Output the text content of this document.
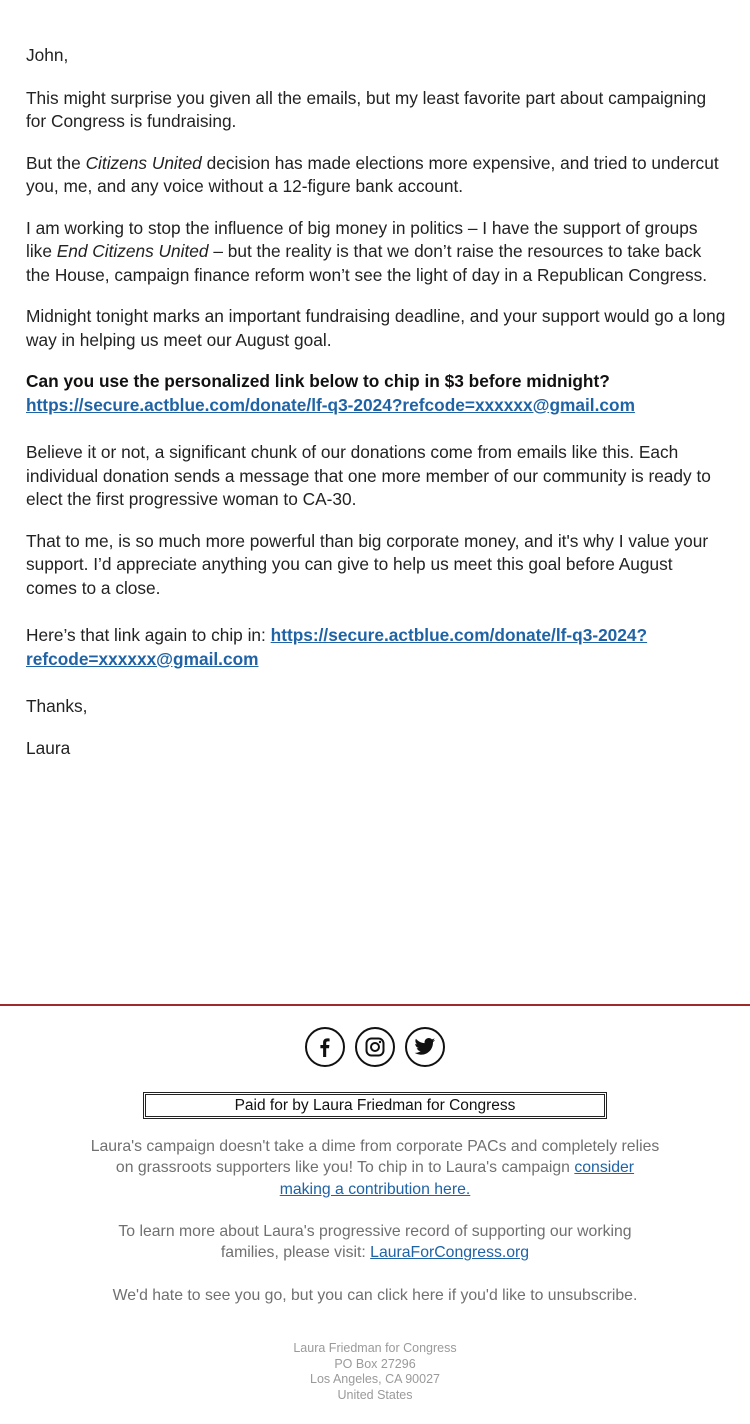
John,

This might surprise you given all the emails, but my least favorite part about campaigning for Congress is fundraising.

But the Citizens United decision has made elections more expensive, and tried to undercut you, me, and any voice without a 12-figure bank account.

I am working to stop the influence of big money in politics – I have the support of groups like End Citizens United – but the reality is that we don’t raise the resources to take back the House, campaign finance reform won’t see the light of day in a Republican Congress.

Midnight tonight marks an important fundraising deadline, and your support would go a long way in helping us meet our August goal.

Can you use the personalized link below to chip in $3 before midnight? https://secure.actblue.com/donate/lf-q3-2024?refcode=xxxxxx@gmail.com

Believe it or not, a significant chunk of our donations come from emails like this. Each individual donation sends a message that one more member of our community is ready to elect the first progressive woman to CA-30.

That to me, is so much more powerful than big corporate money, and it's why I value your support. I’d appreciate anything you can give to help us meet this goal before August comes to a close.

Here’s that link again to chip in: https://secure.actblue.com/donate/lf-q3-2024?refcode=xxxxxx@gmail.com

Thanks,

Laura

Paid for by Laura Friedman for Congress
Laura's campaign doesn't take a dime from corporate PACs and completely relies on grassroots supporters like you! To chip in to Laura's campaign consider making a contribution here.
To learn more about Laura's progressive record of supporting our working families, please visit: LauraForCongress.org
We'd hate to see you go, but you can click here if you'd like to unsubscribe.
Laura Friedman for Congress
PO Box 27296
Los Angeles, CA 90027
United States
